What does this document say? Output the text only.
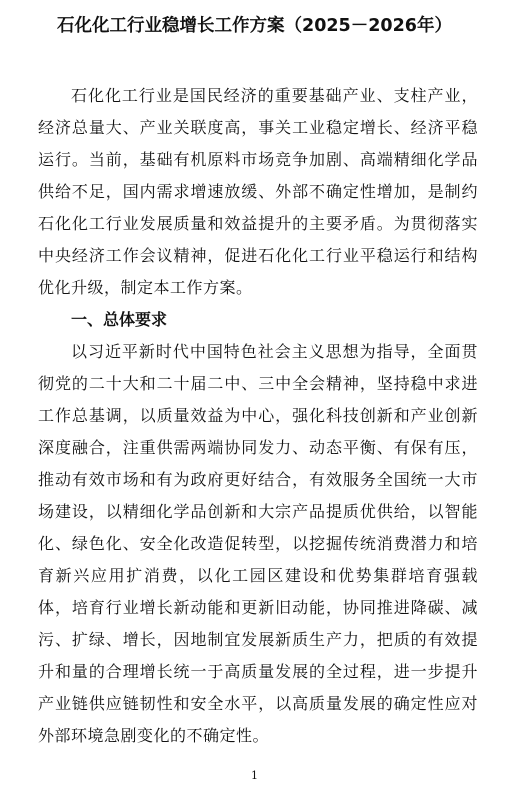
石化化工行业稳增长工作方案（2025－2026年）

石化化工行业是国民经济的重要基础产业、支柱产业，经济总量大、产业关联度高，事关工业稳定增长、经济平稳运行。当前，基础有机原料市场竞争加剧、高端精细化学品供给不足，国内需求增速放缓、外部不确定性增加，是制约石化化工行业发展质量和效益提升的主要矛盾。为贯彻落实中央经济工作会议精神，促进石化化工行业平稳运行和结构优化升级，制定本工作方案。

一、总体要求

以习近平新时代中国特色社会主义思想为指导，全面贯彻党的二十大和二十届二中、三中全会精神，坚持稳中求进工作总基调，以质量效益为中心，强化科技创新和产业创新深度融合，注重供需两端协同发力、动态平衡、有保有压，推动有效市场和有为政府更好结合，有效服务全国统一大市场建设，以精细化学品创新和大宗产品提质优供给，以智能化、绿色化、安全化改造促转型，以挖掘传统消费潜力和培育新兴应用扩消费，以化工园区建设和优势集群培育强载体，培育行业增长新动能和更新旧动能，协同推进降碳、减污、扩绿、增长，因地制宜发展新质生产力，把质的有效提升和量的合理增长统一于高质量发展的全过程，进一步提升产业链供应链韧性和安全水平，以高质量发展的确定性应对外部环境急剧变化的不确定性。

1
